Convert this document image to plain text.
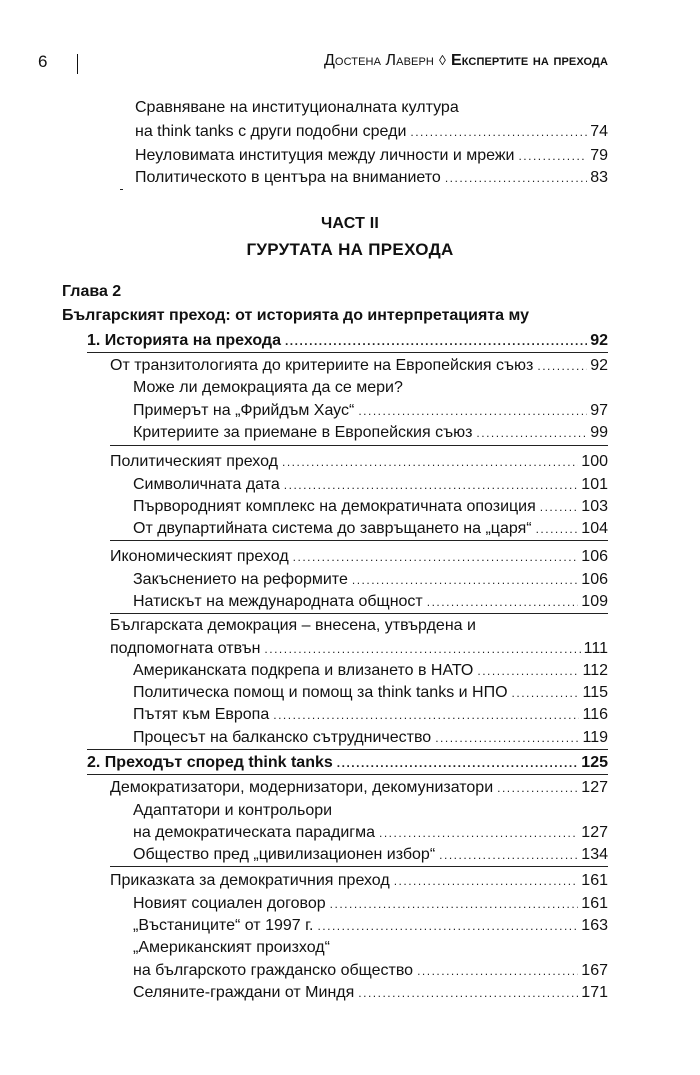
6	Достена Лаверн ◊ Експертите на прехода
Сравняване на институционалната култура
на think tanks с други подобни среди .....	74
Неуловимата институция между личности и мрежи .....	79
Политическото в центъра на вниманието .....	83
ЧАСТ II
ГУРУТАТА НА ПРЕХОДА
Глава 2
Българският преход: от историята до интерпретацията му
1. Историята на прехода .....	92
От транзитологията до критериите на Европейския съюз .....	92
Може ли демокрацията да се мери?
Примерът на „Фрийдъм Хаус“ .....	97
Критериите за приемане в Европейския съюз .....	99
Политическият преход .....	100
Символичната дата .....	101
Първородният комплекс на демократичната опозиция .....	103
От двупартийната система до завръщането на „царя“ .....	104
Икономическият преход .....	106
Закъснението на реформите .....	106
Натискът на международната общност .....	109
Българската демокрация – внесена, утвърдена и
подпомогната отвън .....	111
Американската подкрепа и влизането в НАТО .....	112
Политическа помощ и помощ за think tanks и НПО .....	115
Пътят към Европа .....	116
Процесът на балканско сътрудничество .....	119
2. Преходът според think tanks .....	125
Демократизатори, модернизатори, декомунизатори .....	127
Адаптатори и контрольори
на демократическата парадигма .....	127
Общество пред „цивилизационен избор“ .....	134
Приказката за демократичния преход .....	161
Новият социален договор .....	161
„Въстаниците“ от 1997 г. .....	163
„Американският произход“
на българското гражданско общество .....	167
Селяните-граждани от Миндя .....	171
